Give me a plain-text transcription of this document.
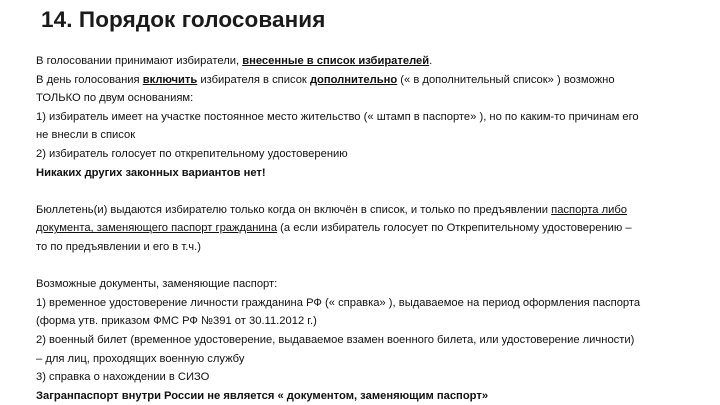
14. Порядок голосования
В голосовании принимают избиратели, внесенные в список избирателей.
В день голосования включить избирателя в список дополнительно (« в дополнительный список» ) возможно
ТОЛЬКО по двум основаниям:
1) избиратель имеет на участке постоянное место жительство (« штамп в паспорте» ), но по каким-то причинам его
не внесли в список
2) избиратель голосует по открепительному удостоверению
Никаких других законных вариантов нет!
Бюллетень(и) выдаются избирателю только когда он включён в список, и только по предъявлении паспорта либо
документа, заменяющего паспорт гражданина (а если избиратель голосует по Открепительному удостоверению –
то по предъявлении и его в т.ч.)
Возможные документы, заменяющие паспорт:
1) временное удостоверение личности гражданина РФ (« справка» ), выдаваемое на период оформления паспорта
(форма утв. приказом ФМС РФ №391 от 30.11.2012 г.)
2) военный билет (временное удостоверение, выдаваемое взамен военного билета, или удостоверение личности)
– для лиц, проходящих военную службу
3) справка о нахождении в СИЗО
Загранпаспорт внутри России не является « документом, заменяющим паспорт»
